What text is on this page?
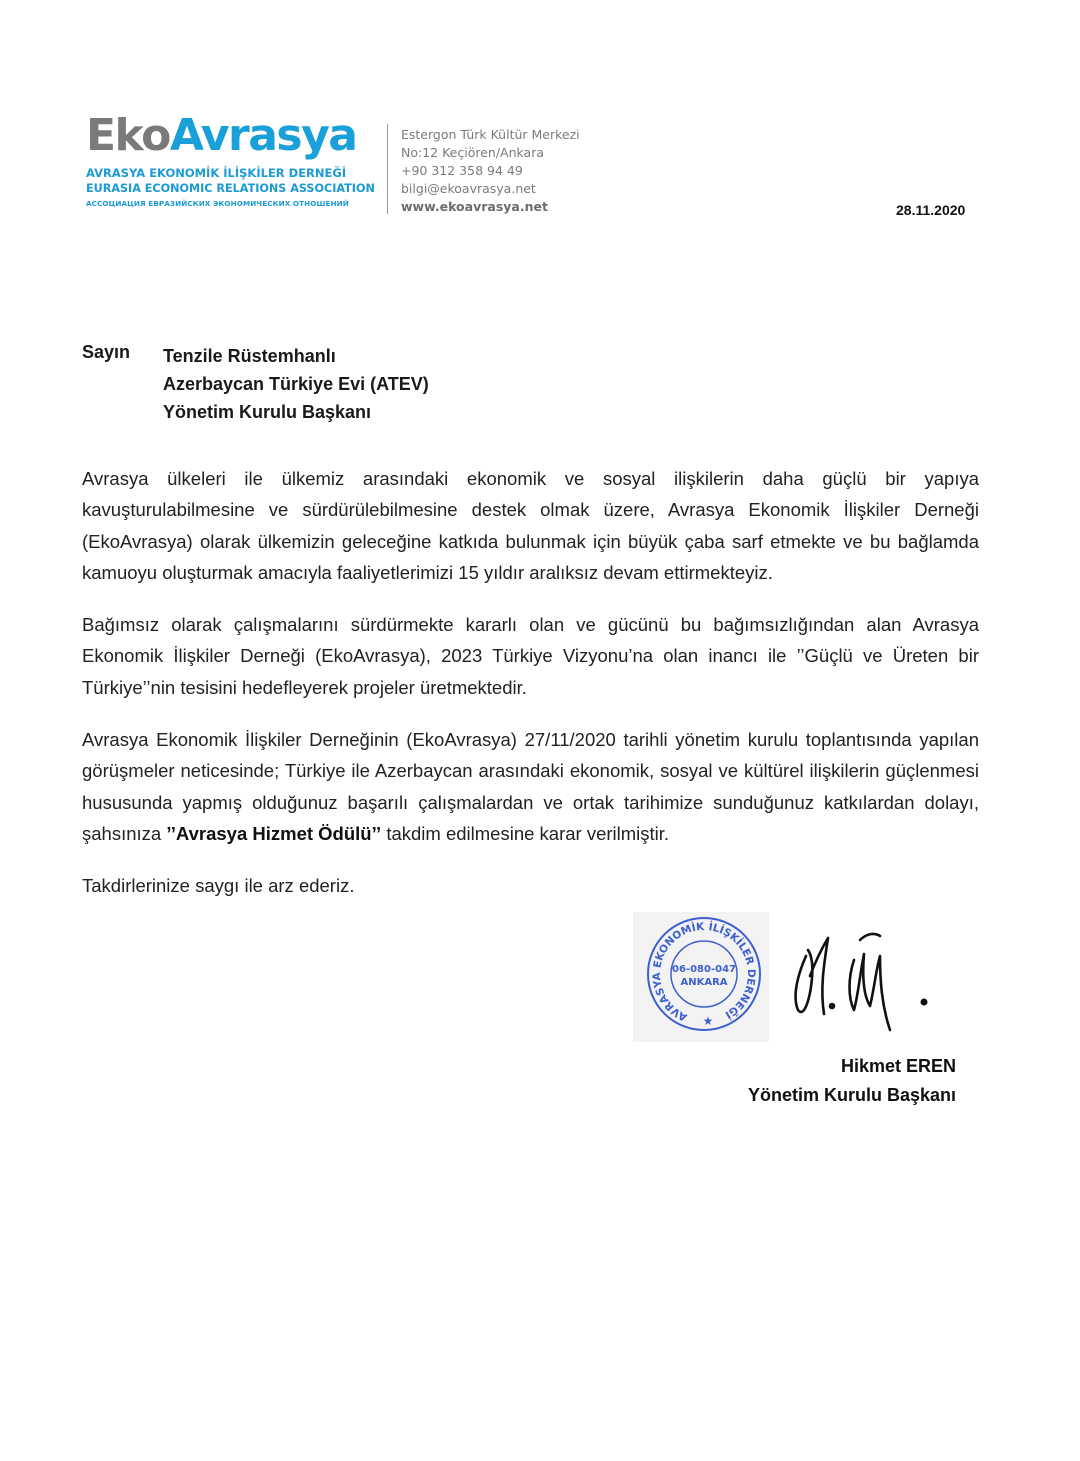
EkoAvrasya
AVRASYA EKONOMİK İLİŞKİLER DERNEĞİ
EURASIA ECONOMIC RELATIONS ASSOCIATION
АССОЦИАЦИЯ ЕВРАЗИЙСКИХ ЭКОНОМИЧЕСКИХ ОТНОШЕНИЙ
Estergon Türk Kültür Merkezi
No:12 Keçiören/Ankara
+90 312 358 94 49
bilgi@ekoavrasya.net
www.ekoavrasya.net	28.11.2020
Sayın Tenzile Rüstemhanlı
Azerbaycan Türkiye Evi (ATEV)
Yönetim Kurulu Başkanı

Avrasya ülkeleri ile ülkemiz arasındaki ekonomik ve sosyal ilişkilerin daha güçlü bir yapıya kavuşturulabilmesine ve sürdürülebilmesine destek olmak üzere, Avrasya Ekonomik İlişkiler Derneği (EkoAvrasya) olarak ülkemizin geleceğine katkıda bulunmak için büyük çaba sarf etmekte ve bu bağlamda kamuoyu oluşturmak amacıyla faaliyetlerimizi 15 yıldır aralıksız devam ettirmekteyiz.

Bağımsız olarak çalışmalarını sürdürmekte kararlı olan ve gücünü bu bağımsızlığından alan Avrasya Ekonomik İlişkiler Derneği (EkoAvrasya), 2023 Türkiye Vizyonu’na olan inancı ile ’’Güçlü ve Üreten bir Türkiye’’nin tesisini hedefleyerek projeler üretmektedir.

Avrasya Ekonomik İlişkiler Derneğinin (EkoAvrasya) 27/11/2020 tarihli yönetim kurulu toplantısında yapılan görüşmeler neticesinde; Türkiye ile Azerbaycan arasındaki ekonomik, sosyal ve kültürel ilişkilerin güçlenmesi hususunda yapmış olduğunuz başarılı çalışmalardan ve ortak tarihimize sunduğunuz katkılardan dolayı, şahsınıza ’’Avrasya Hizmet Ödülü’’ takdim edilmesine karar verilmiştir.

Takdirlerinize saygı ile arz ederiz.

AVRASYA EKONOMİK İLİŞKİLER DERNEĞİ
06-080-047
ANKARA
★
Hikmet EREN
Yönetim Kurulu Başkanı
